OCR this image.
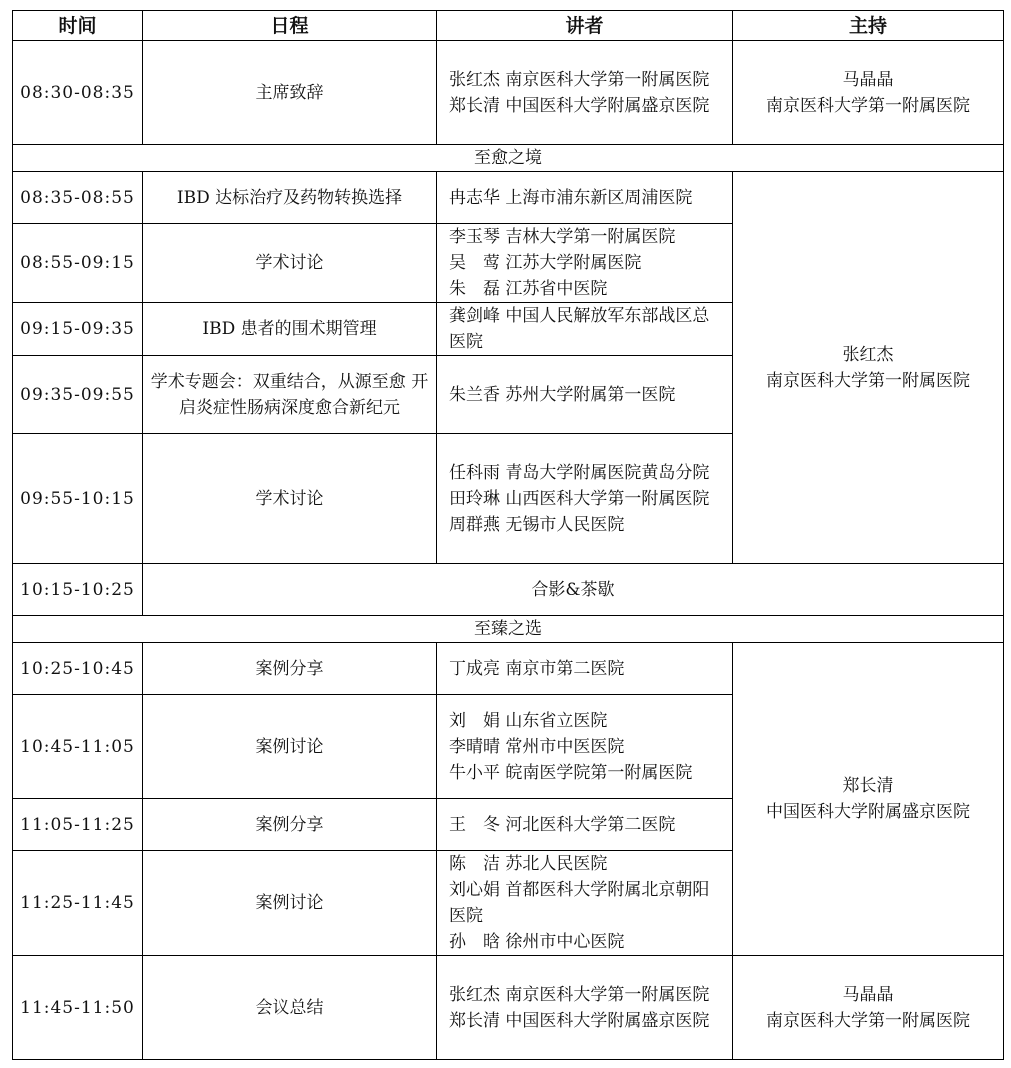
时间	日程	讲者	主持
08:30-08:35	主席致辞	张红杰 南京医科大学第一附属医院
郑长清 中国医科大学附属盛京医院	马晶晶
南京医科大学第一附属医院

至愈之境			
08:35-08:55	IBD 达标治疗及药物转换选择	冉志华 上海市浦东新区周浦医院	张红杰
南京医科大学第一附属医院

08:55-09:15	学术讨论	李玉琴 吉林大学第一附属医院
吴　莺 江苏大学附属医院
朱　磊 江苏省中医院	

09:15-09:35	IBD 患者的围术期管理	龚剑峰 中国人民解放军东部战区总医院	

09:35-09:55	学术专题会：双重结合，从源至愈 开启炎症性肠病深度愈合新纪元	朱兰香 苏州大学附属第一医院	

09:55-10:15	学术讨论	任科雨 青岛大学附属医院黄岛分院
田玲琳 山西医科大学第一附属医院
周群燕 无锡市人民医院	

10:15-10:25	合影&茶歇		
至臻之选			
10:25-10:45	案例分享	丁成亮 南京市第二医院	郑长清
中国医科大学附属盛京医院

10:45-11:05	案例讨论	刘　娟 山东省立医院
李晴晴 常州市中医医院
牛小平 皖南医学院第一附属医院	

11:05-11:25	案例分享	王　冬 河北医科大学第二医院	

11:25-11:45	案例讨论	陈　洁 苏北人民医院
刘心娟 首都医科大学附属北京朝阳医院
孙　晗 徐州市中心医院	

11:45-11:50	会议总结	张红杰 南京医科大学第一附属医院
郑长清 中国医科大学附属盛京医院	马晶晶
南京医科大学第一附属医院
